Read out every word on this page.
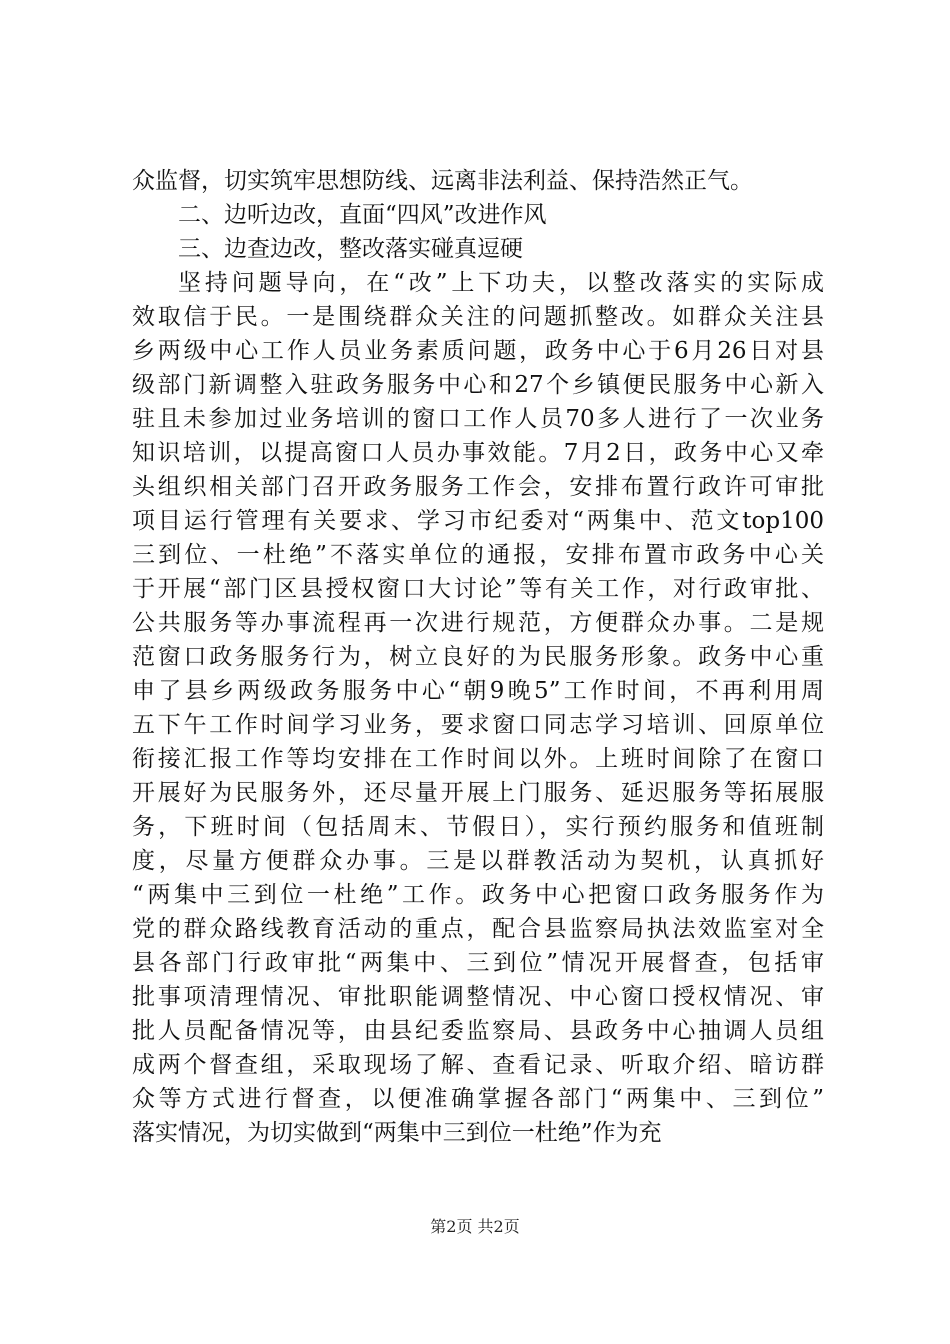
众监督，切实筑牢思想防线、远离非法利益、保持浩然正气。
二、边听边改，直面“四风”改进作风
三、边查边改，整改落实碰真逗硬
坚持问题导向，在“改”上下功夫，以整改落实的实际成
效取信于民。一是围绕群众关注的问题抓整改。如群众关注县
乡两级中心工作人员业务素质问题，政务中心于6月26日对县
级部门新调整入驻政务服务中心和27个乡镇便民服务中心新入
驻且未参加过业务培训的窗口工作人员70多人进行了一次业务
知识培训，以提高窗口人员办事效能。7月2日，政务中心又牵
头组织相关部门召开政务服务工作会，安排布置行政许可审批
项目运行管理有关要求、学习市纪委对“两集中、范文top100
三到位、一杜绝”不落实单位的通报，安排布置市政务中心关
于开展“部门区县授权窗口大讨论”等有关工作，对行政审批、
公共服务等办事流程再一次进行规范，方便群众办事。二是规
范窗口政务服务行为，树立良好的为民服务形象。政务中心重
申了县乡两级政务服务中心“朝9晚5”工作时间，不再利用周
五下午工作时间学习业务，要求窗口同志学习培训、回原单位
衔接汇报工作等均安排在工作时间以外。上班时间除了在窗口
开展好为民服务外，还尽量开展上门服务、延迟服务等拓展服
务，下班时间（包括周末、节假日），实行预约服务和值班制
度，尽量方便群众办事。三是以群教活动为契机，认真抓好
“两集中三到位一杜绝”工作。政务中心把窗口政务服务作为
党的群众路线教育活动的重点，配合县监察局执法效监室对全
县各部门行政审批“两集中、三到位”情况开展督查，包括审
批事项清理情况、审批职能调整情况、中心窗口授权情况、审
批人员配备情况等，由县纪委监察局、县政务中心抽调人员组
成两个督查组，采取现场了解、查看记录、听取介绍、暗访群
众等方式进行督查，以便准确掌握各部门“两集中、三到位”
落实情况，为切实做到“两集中三到位一杜绝”作为充
第2页 共2页
